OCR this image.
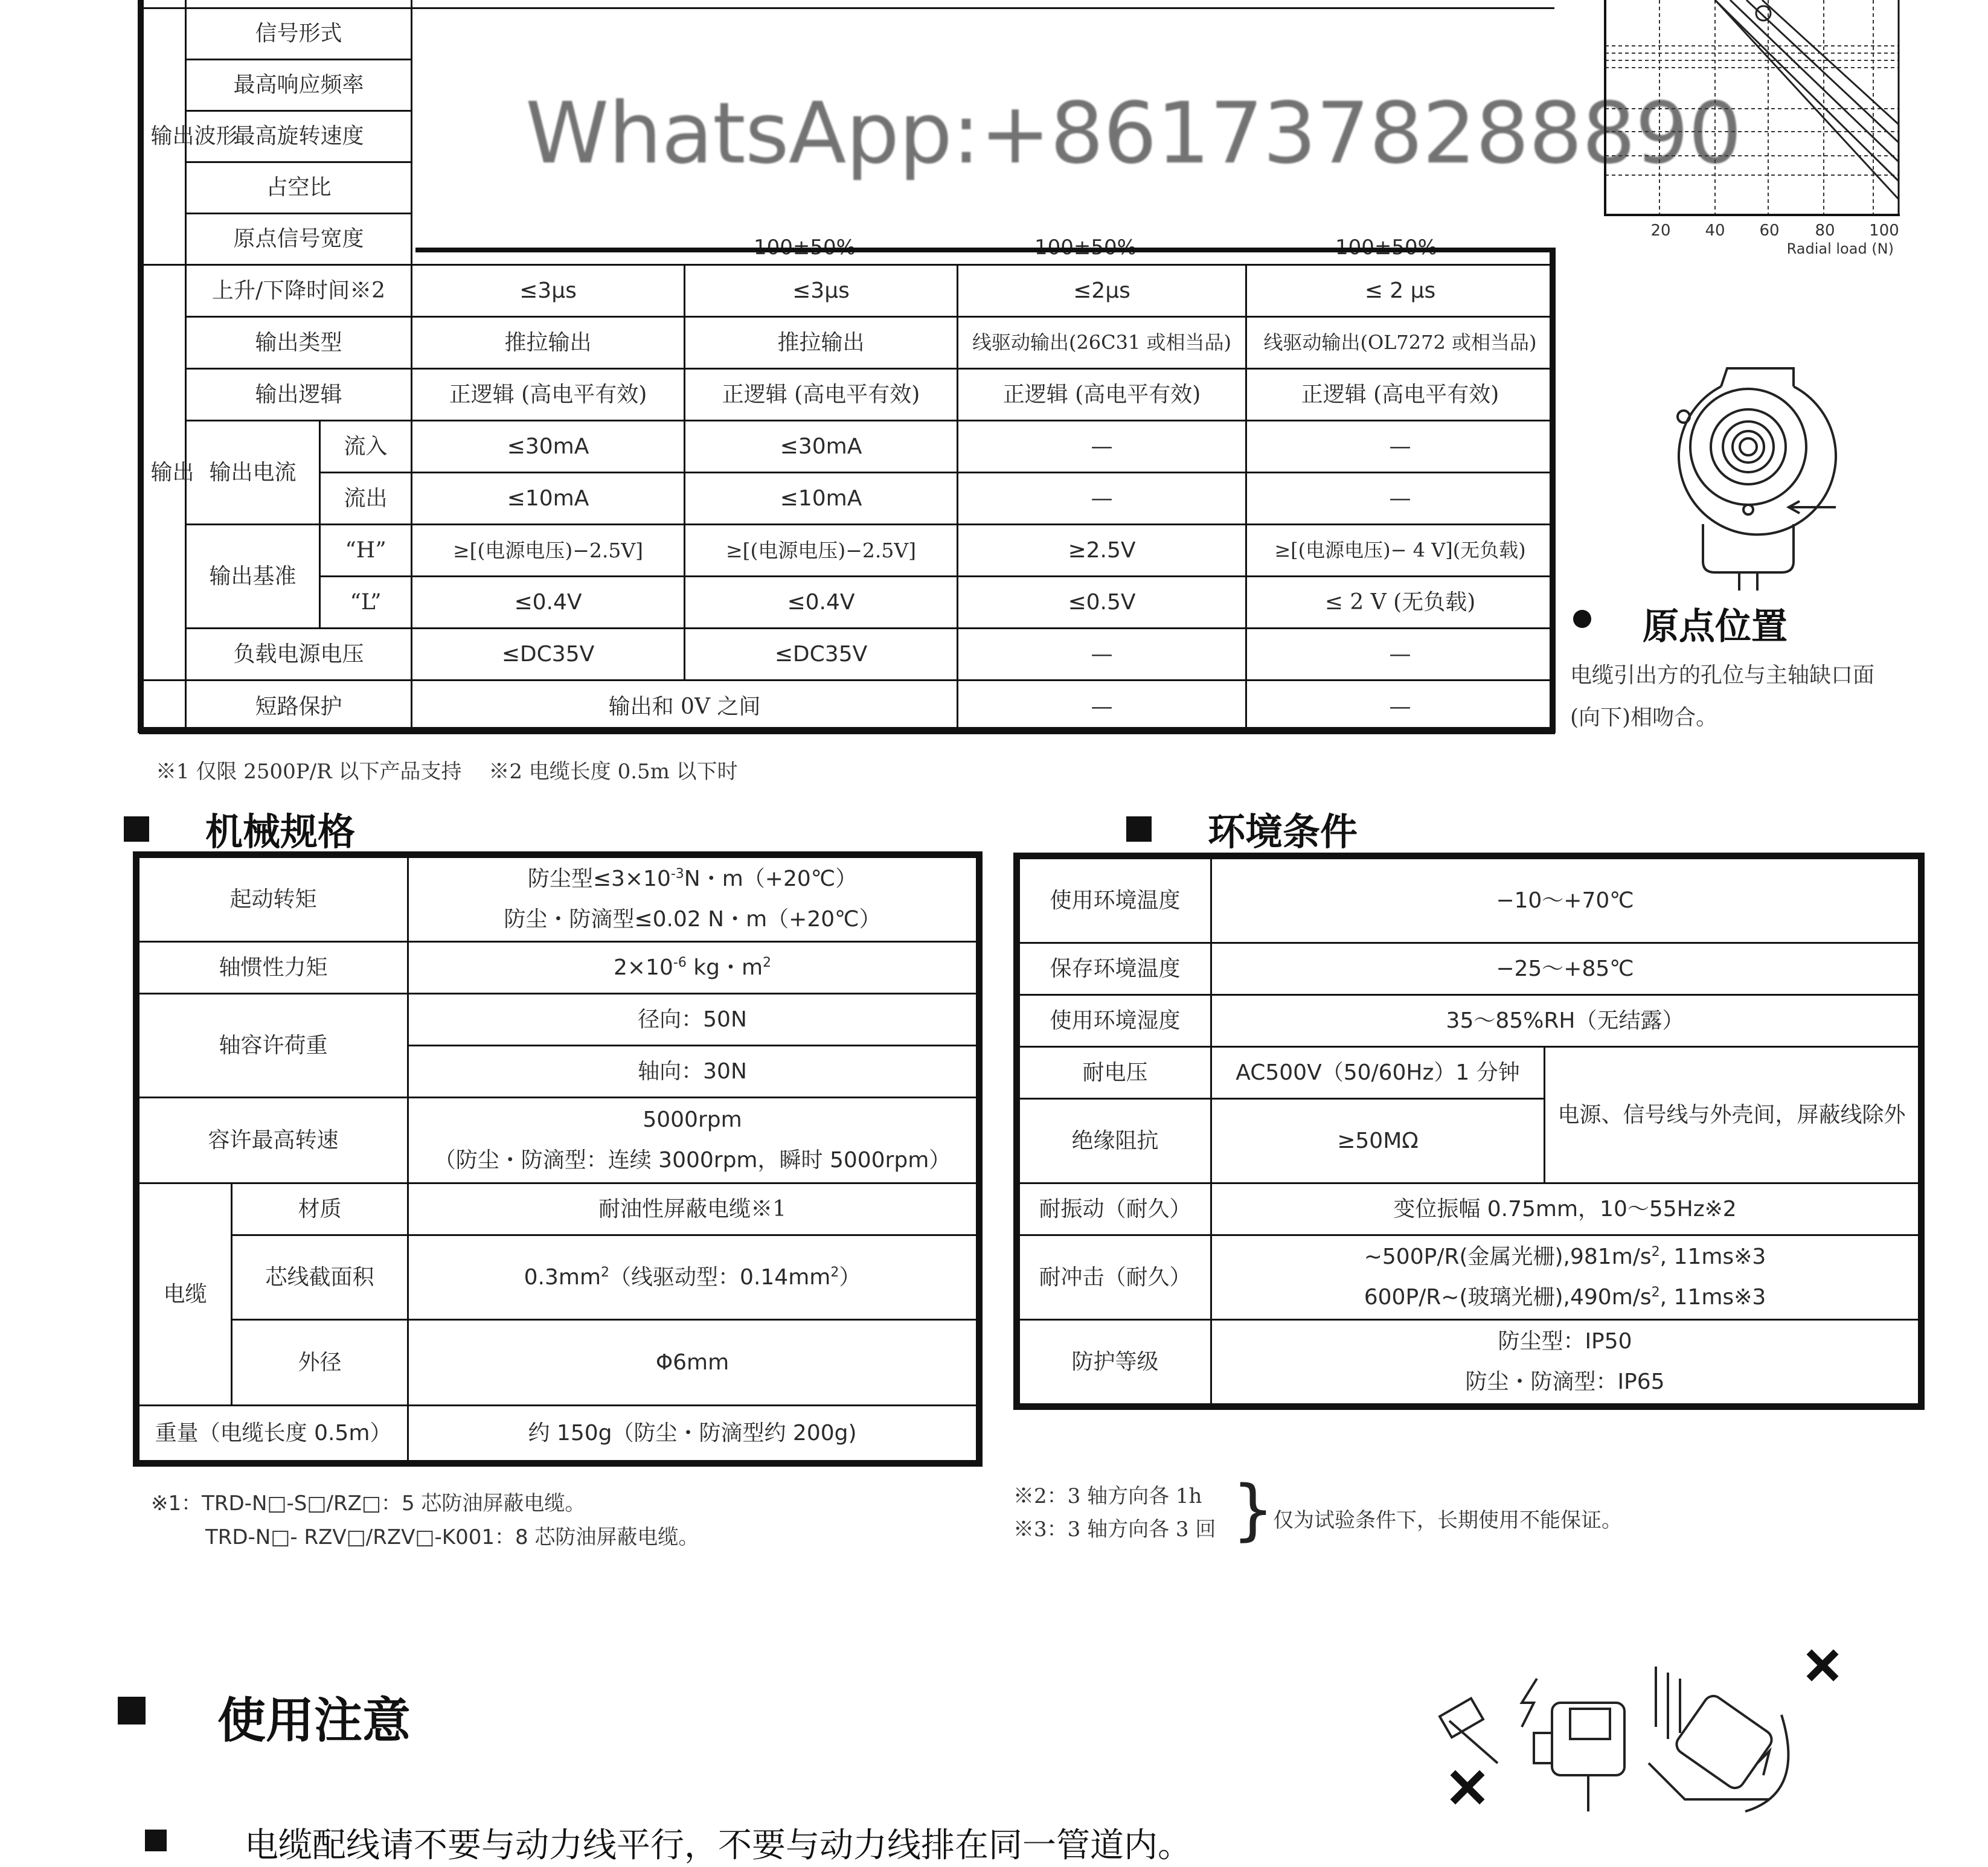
输出波形	信号形式	

	最高响应频率					
	最高旋转速度					
	占空比					
	原点信号宽度					

输出	上升/下降时间※2		≤3μs	≤3μs	≤2μs	≤ 2 μs
	输出类型		推拉输出	推拉输出	线驱动输出(26C31 或相当品)	线驱动输出(OL7272 或相当品)
	输出逻辑		正逻辑 (高电平有效)	正逻辑 (高电平有效)	正逻辑 (高电平有效)	正逻辑 (高电平有效)
	输出电流	流入	≤30mA	≤30mA	—	—
		流出	≤10mA	≤10mA	—	—
	输出基准	“H”	≥[(电源电压)−2.5V]	≥[(电源电压)−2.5V]	≥2.5V	≥[(电源电压)− 4 V](无负载)
		“L”	≤0.4V	≤0.4V	≤0.5V	≤ 2 V (无负载)
	负载电源电压		≤DC35V	≤DC35V	—	—
	短路保护		输出和 0V 之间		—	—
※1 仅限 2500P/R 以下产品支持　 ※2 电缆长度 0.5m 以下时
WhatsApp:+8617378288890
20 40 60 80 100
Radial load (N)
原点位置
电缆引出方的孔位与主轴缺口面
(向下)相吻合。
机械规格
起动转矩		防尘型$\le 3\times 10^{-3}N$・m（+20℃）
防尘・防滴型≤0.02 N・m（+20℃）

轴惯性力矩		$2\times 10^{-6}$ kg・$m^2$
轴容许荷重		径向：50N
		轴向：30N
容许最高转速		5000rpm
（防尘・防滴型：连续 3000rpm，瞬时 5000rpm）

电缆	材质	耐油性屏蔽电缆※1
	芯线截面积	$0.3mm^2$（线驱动型：$0.14mm^2$）
	外径	Φ6mm
重量（电缆长度 0.5m）		约 150g（防尘・防滴型约 200g)
※1：TRD-N□-S□/RZ□：5 芯防油屏蔽电缆。
TRD-N□- RZV□/RZV□-K001：8 芯防油屏蔽电缆。
环境条件
使用环境温度	−10～+70℃	
保存环境温度	−25～+85℃	
使用环境湿度	35～85%RH（无结露）	
耐电压	AC500V（50/60Hz）1 分钟	电源、信号线与外壳间，屏蔽线除外
绝缘阻抗	≥50MΩ	
耐振动（耐久）	变位振幅 0.75mm，10～55Hz※2	
耐冲击（耐久）	~500P/R(金属光栅)$,981m/s^2$, 11ms※3
600P/R~(玻璃光栅)$,490m/s^2$, 11ms※3	

防护等级	防尘型：IP50
防尘・防滴型：IP65	
※2：3 轴方向各 1h
※3：3 轴方向各 3 回 }
仅为试验条件下，长期使用不能保证。
使用注意
电缆配线请不要与动力线平行，不要与动力线排在同一管道内。
